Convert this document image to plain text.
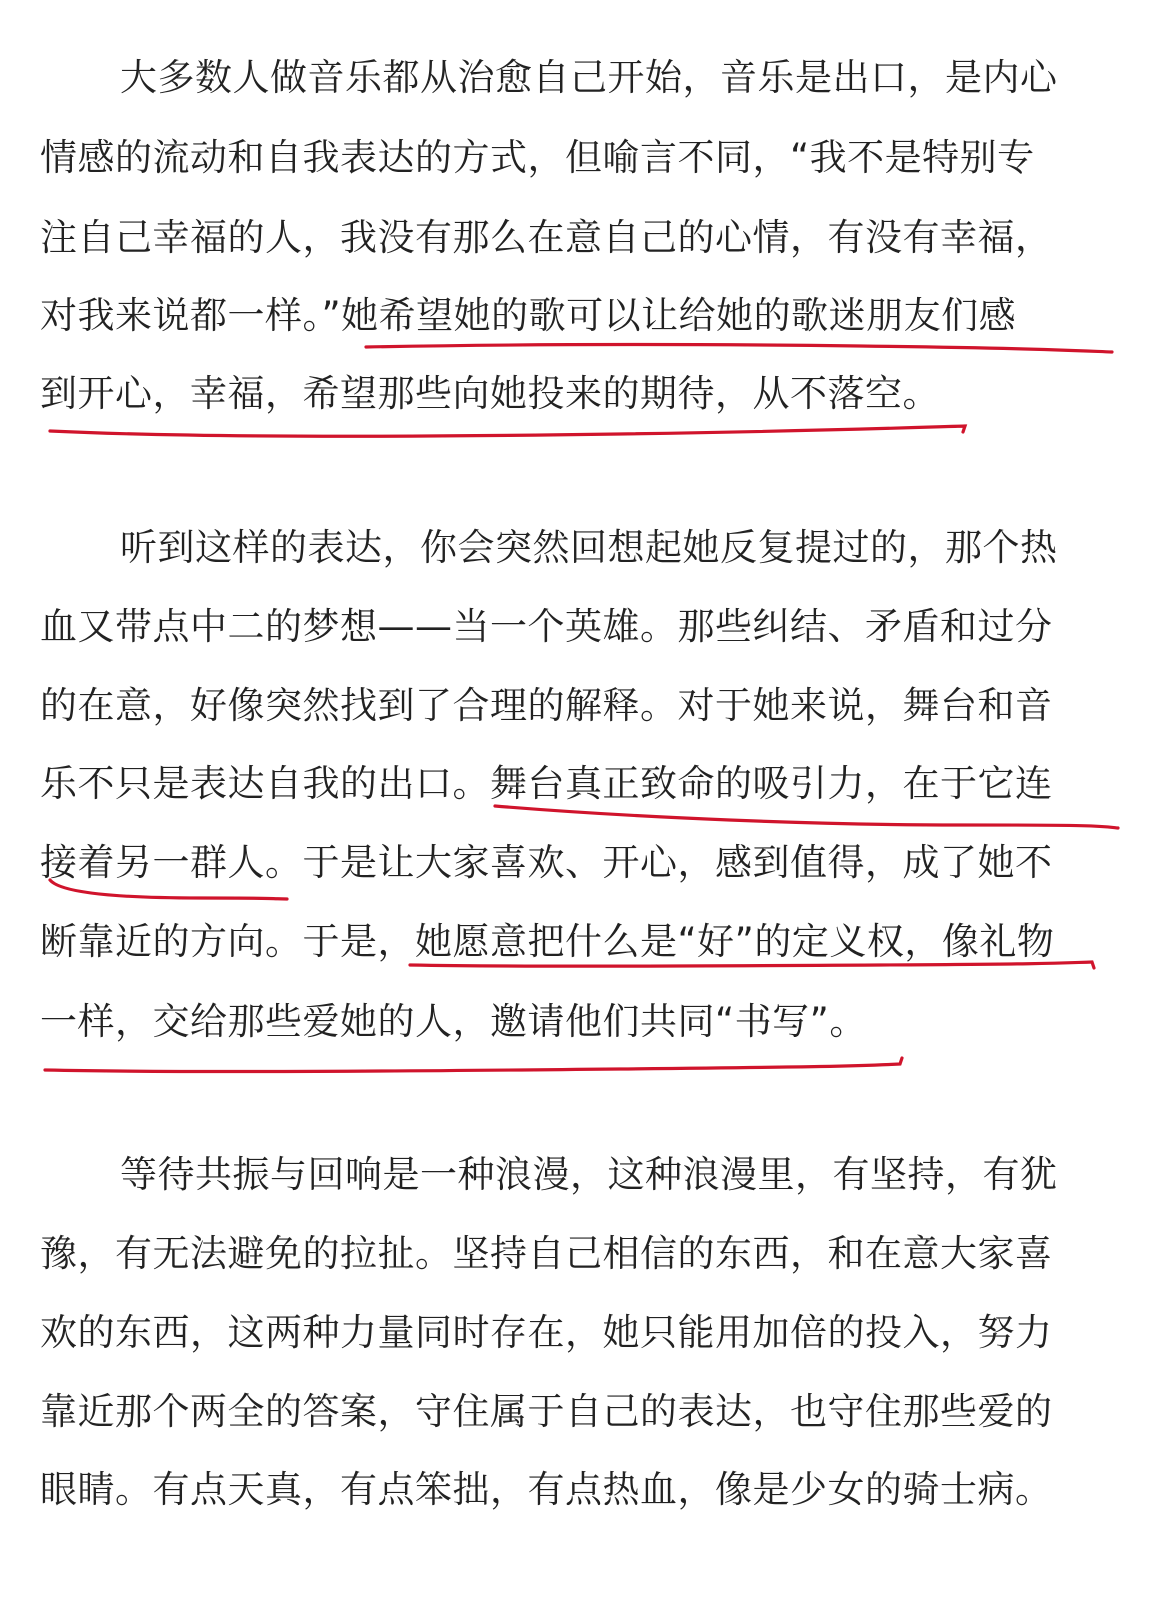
大多数人做音乐都从治愈自己开始，音乐是出口，是内心
情感的流动和自我表达的方式，但喻言不同，“我不是特别专
注自己幸福的人，我没有那么在意自己的心情，有没有幸福，
对我来说都一样。”她希望她的歌可以让给她的歌迷朋友们感
到开心，幸福，希望那些向她投来的期待，从不落空。
听到这样的表达，你会突然回想起她反复提过的，那个热
血又带点中二的梦想——当一个英雄。那些纠结、矛盾和过分
的在意，好像突然找到了合理的解释。对于她来说，舞台和音
乐不只是表达自我的出口。舞台真正致命的吸引力，在于它连
接着另一群人。于是让大家喜欢、开心，感到值得，成了她不
断靠近的方向。于是，她愿意把什么是“好”的定义权，像礼物
一样，交给那些爱她的人，邀请他们共同“书写”。
等待共振与回响是一种浪漫，这种浪漫里，有坚持，有犹
豫，有无法避免的拉扯。坚持自己相信的东西，和在意大家喜
欢的东西，这两种力量同时存在，她只能用加倍的投入，努力
靠近那个两全的答案，守住属于自己的表达，也守住那些爱的
眼睛。有点天真，有点笨拙，有点热血，像是少女的骑士病。
